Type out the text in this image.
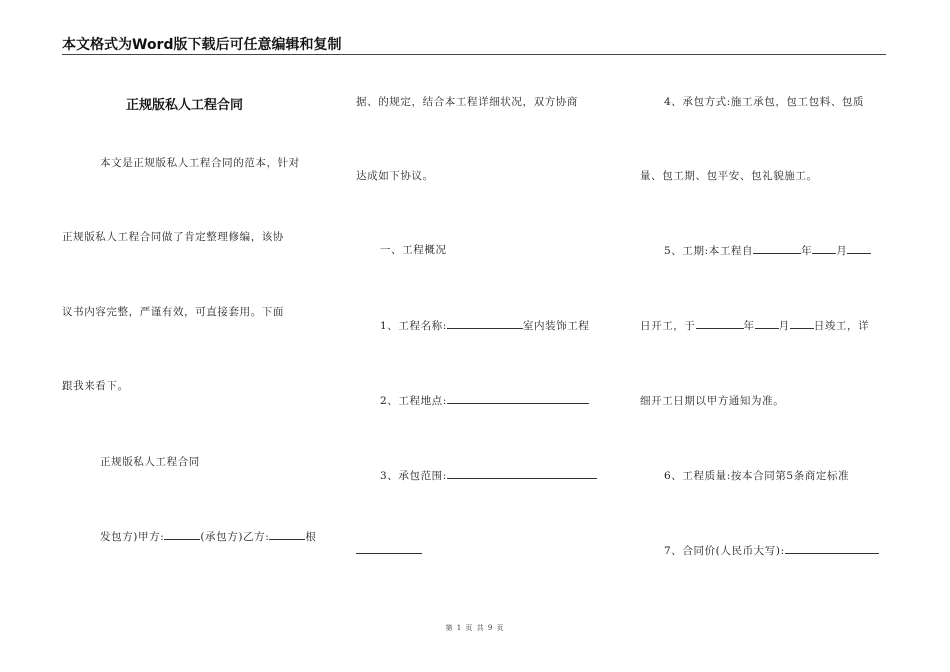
本文格式为Word版下载后可任意编辑和复制
正规版私人工程合同
本文是正规版私人工程合同的范本，针对
正规版私人工程合同做了肯定整理修编，该协
议书内容完整，严谨有效，可直接套用。下面
跟我来看下。
正规版私人工程合同
发包方)甲方:	(承包方)乙方:	根
据、的规定，结合本工程详细状况，双方协商
达成如下协议。
一、工程概况
1、工程名称:	室内装饰工程
2、工程地点:
3、承包范围:
4、承包方式:施工承包，包工包料、包质
量、包工期、包平安、包礼貌施工。
5、工期:本工程自	年 月
日开工，于	年 月 日竣工，详
细开工日期以甲方通知为准。
6、工程质量:按本合同第5条商定标准
7、合同价(人民币大写):
第 1 页 共 9 页
